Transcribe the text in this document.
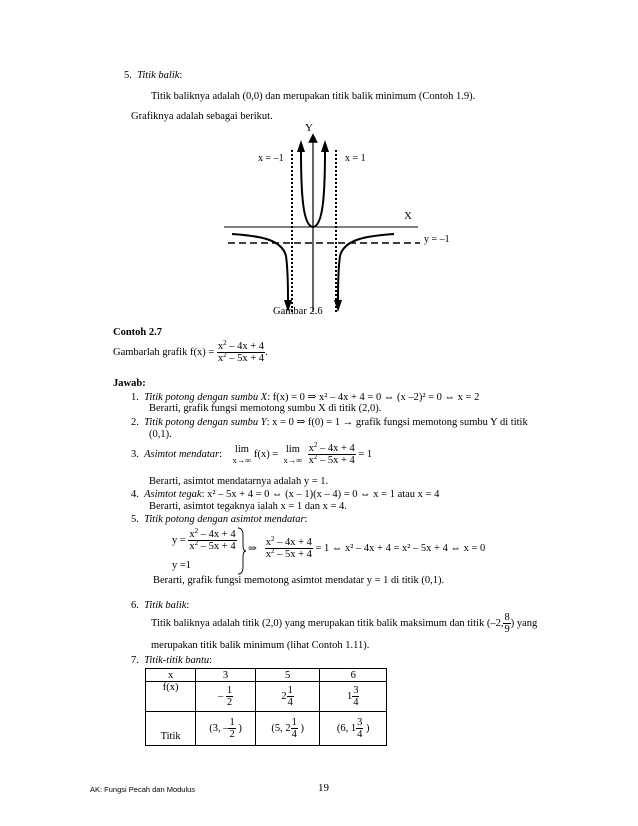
5. Titik balik:
Titik baliknya adalah (0,0) dan merupakan titik balik minimum (Contoh 1.9).
Grafiknya adalah sebagai berikut.
Y
X
x = –1	x = 1
y = –1
Gambar 2.6
Contoh 2.7
Gambarlah grafik $f(x) = \frac{x^2 - 4x + 4}{x^2 - 5x + 4}$ .
Jawab:
1. Titik potong dengan sumbu X: f(x) = 0 ⇒ x² – 4x + 4 = 0 ⇔ (x –2)² = 0 ⇔ x = 2
Berarti, grafik fungsi memotong sumbu X di titik (2,0).
2. Titik potong dengan sumbu Y: x = 0 ⇒ f(0) = 1 → grafik fungsi memotong sumbu Y di titik
(0,1).
3. Asimtot mendatar: lim
x→∞ f(x) = lim
x→∞
$\frac{x^2 - 4x + 4}{x^2 - 5x + 4} = 1$
Berarti, asimtot mendatarnya adalah y = 1.
4. Asimtot tegak: x² – 5x + 4 = 0 ⇔ (x – 1)(x – 4) = 0 ⇔ x = 1 atau x = 4
Berarti, asimtot tegaknya ialah x = 1 dan x = 4.
5. Titik potong dengan asimtot mendatar:
$y = \frac{x^2 - 4x + 4}{x^2 - 5x + 4}$
y =1
⇒ $\frac{x^2 - 4x + 4}{x^2 - 5x + 4} = 1$ ⇔ x² – 4x + 4 = x² – 5x + 4 ⇔ x = 0
Berarti, grafik fungsi memotong asimtot mendatar y = 1 di titik (0,1).
6. Titik balik:
Titik baliknya adalah titik (2,0) yang merupakan titik balik maksimum dan titik (–2, $\frac{8}{9}$ ) yang
merupakan titik balik minimum (lihat Contoh 1.11).
7. Titik-titik bantu:
x	3	5	6
f(x)	– $\frac{1}{2}$	$2 \frac{1}{4}$	$1 \frac{3}{4}$

Titik	(3, – $\frac{1}{2}$ )	(5, $2 \frac{1}{4}$ )	(6, $1 \frac{3}{4}$ )
AK: Fungsi Pecah dan Modulus	19
